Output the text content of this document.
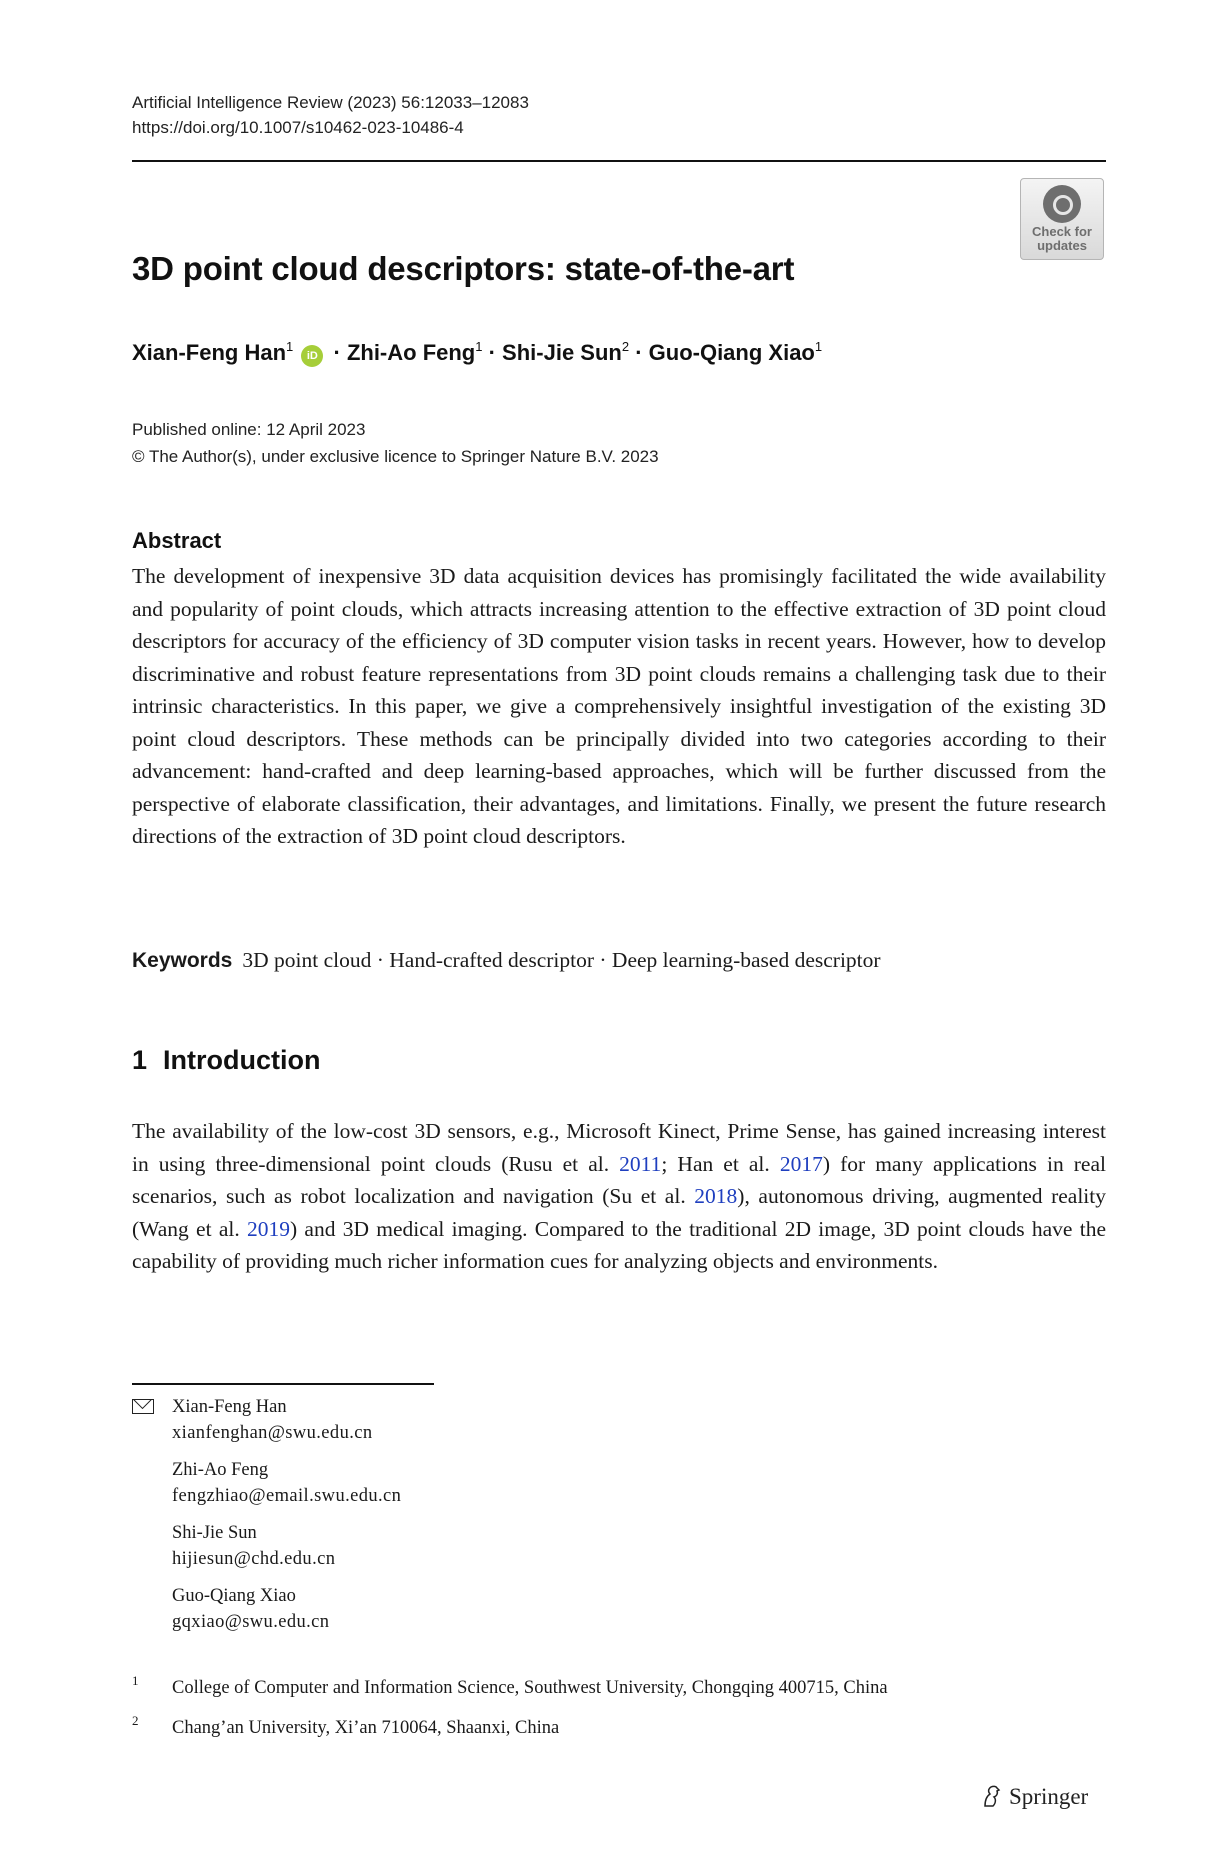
Artificial Intelligence Review (2023) 56:12033–12083
https://doi.org/10.1007/s10462-023-10486-4
Check for
updates
3D point cloud descriptors: state-of-the-art
Xian-Feng Han$^1$ iD · Zhi-Ao Feng$^1$ · Shi-Jie Sun$^2$ · Guo-Qiang Xiao$^1$
Published online: 12 April 2023
© The Author(s), under exclusive licence to Springer Nature B.V. 2023
Abstract
The development of inexpensive 3D data acquisition devices has promisingly facilitated the wide availability and popularity of point clouds, which attracts increasing attention to the effective extraction of 3D point cloud descriptors for accuracy of the efficiency of 3D computer vision tasks in recent years. However, how to develop discriminative and robust feature representations from 3D point clouds remains a challenging task due to their intrinsic characteristics. In this paper, we give a comprehensively insightful investigation of the existing 3D point cloud descriptors. These methods can be principally divided into two categories according to their advancement: hand-crafted and deep learning-based approaches, which will be further discussed from the perspective of elaborate classification, their advantages, and limitations. Finally, we present the future research directions of the extraction of 3D point cloud descriptors.
Keywords 3D point cloud · Hand-crafted descriptor · Deep learning-based descriptor
1 Introduction
The availability of the low-cost 3D sensors, e.g., Microsoft Kinect, Prime Sense, has gained increasing interest in using three-dimensional point clouds (Rusu et al. 2011; Han et al. 2017) for many applications in real scenarios, such as robot localization and navigation (Su et al. 2018), autonomous driving, augmented reality (Wang et al. 2019) and 3D medical imaging. Compared to the traditional 2D image, 3D point clouds have the capability of providing much richer information cues for analyzing objects and environments.
Xian-Feng Han
xianfenghan@swu.edu.cn
Zhi-Ao Feng
fengzhiao@email.swu.edu.cn
Shi-Jie Sun
hijiesun@chd.edu.cn
Guo-Qiang Xiao
gqxiao@swu.edu.cn
1 College of Computer and Information Science, Southwest University, Chongqing 400715, China
2 Chang’an University, Xi’an 710064, Shaanxi, China
Springer
